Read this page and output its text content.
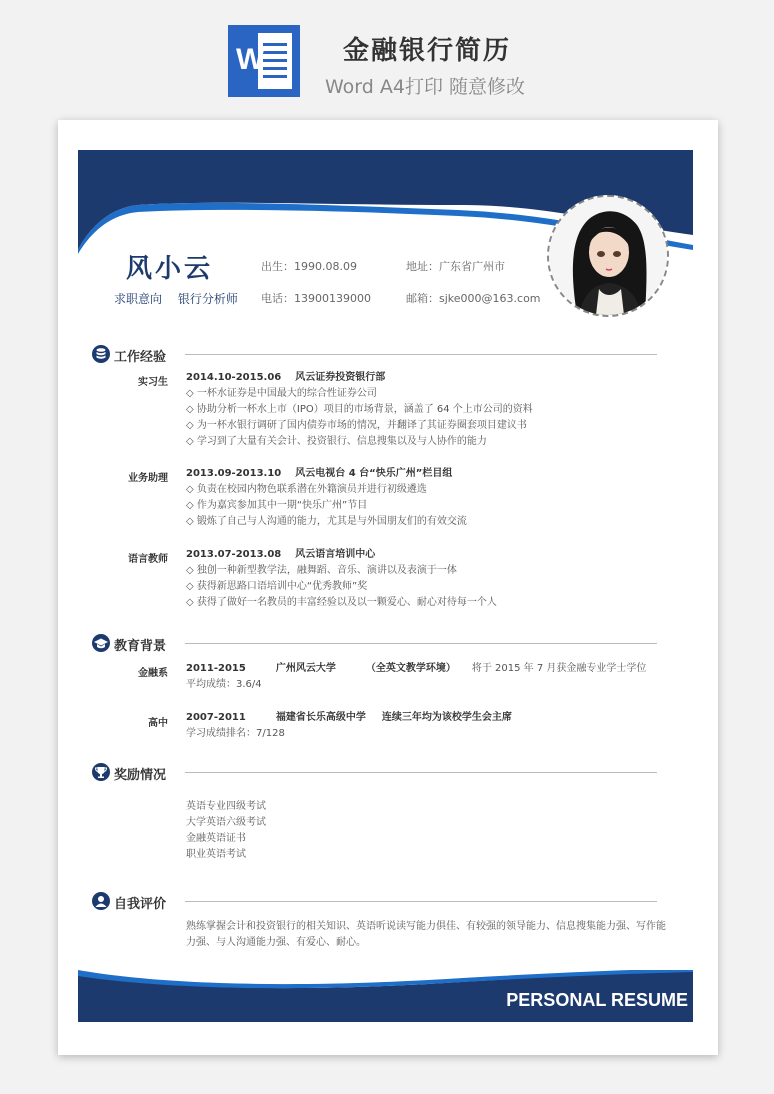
W	金融银行简历
Word A4打印 随意修改
风小云
求职意向 银行分析师
出生：1990.08.09	地址：广东省广州市
电话：13900139000	邮箱：sjke000@163.com
工作经验
实习生 2014.10-2015.06 风云证券投资银行部
◇ 一杯水证券是中国最大的综合性证券公司
◇ 协助分析一杯水上市（IPO）项目的市场背景，涵盖了 64 个上市公司的资料
◇ 为一杯水银行调研了国内债券市场的情况，并翻译了其证券圈套项目建议书
◇ 学习到了大量有关会计、投资银行、信息搜集以及与人协作的能力
业务助理 2013.09-2013.10 风云电视台 4 台“快乐广州”栏目组
◇ 负责在校园内物色联系潜在外籍演员并进行初级遴选
◇ 作为嘉宾参加其中一期“快乐广州”节目
◇ 锻炼了自己与人沟通的能力，尤其是与外国朋友们的有效交流
语言教师 2013.07-2013.08 风云语言培训中心
◇ 独创一种新型教学法，融舞蹈、音乐、演讲以及表演于一体
◇ 获得新思路口语培训中心“优秀教师”奖
◇ 获得了做好一名教员的丰富经验以及以一颗爱心、耐心对待每一个人
教育背景
金融系 2011-2015	广州风云大学	（全英文教学环境） 将于 2015 年 7 月获金融专业学士学位
平均成绩：3.6/4
高中
2007-2011	福建省长乐高级中学 连续三年均为该校学生会主席
学习成绩排名：7/128
奖励情况
英语专业四级考试
大学英语六级考试
金融英语证书
职业英语考试
自我评价
熟练掌握会计和投资银行的相关知识、英语听说读写能力俱佳、有较强的领导能力、信息搜集能力强、写作能力强、与人沟通能力强、有爱心、耐心。
PERSONAL RESUME
